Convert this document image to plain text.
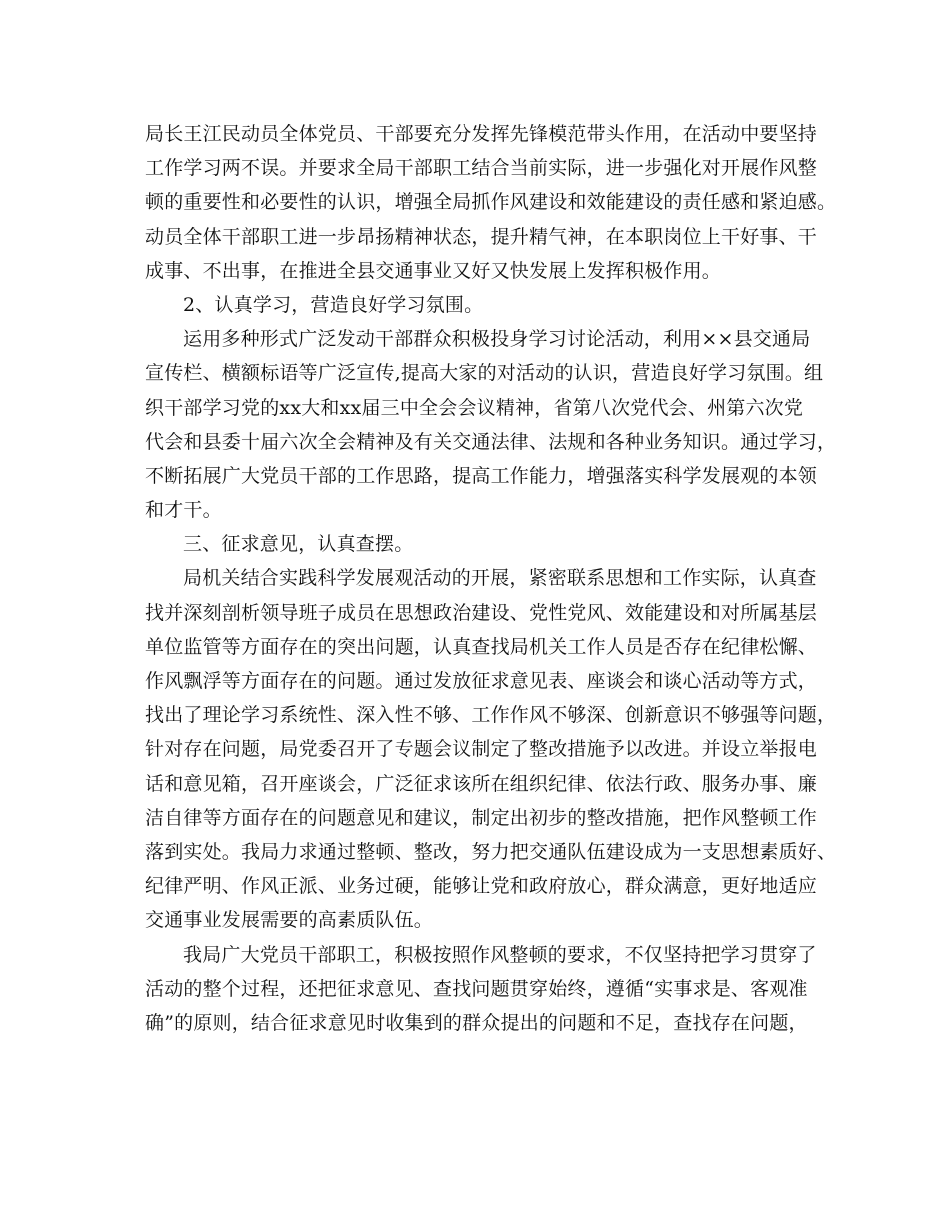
局长王江民动员全体党员、干部要充分发挥先锋模范带头作用，在活动中要坚持
工作学习两不误。并要求全局干部职工结合当前实际，进一步强化对开展作风整
顿的重要性和必要性的认识，增强全局抓作风建设和效能建设的责任感和紧迫感。
动员全体干部职工进一步昂扬精神状态，提升精气神，在本职岗位上干好事、干
成事、不出事，在推进全县交通事业又好又快发展上发挥积极作用。
2、认真学习，营造良好学习氛围。
运用多种形式广泛发动干部群众积极投身学习讨论活动，利用××县交通局
宣传栏、横额标语等广泛宣传,提高大家的对活动的认识，营造良好学习氛围。组
织干部学习党的xx大和xx届三中全会会议精神，省第八次党代会、州第六次党
代会和县委十届六次全会精神及有关交通法律、法规和各种业务知识。通过学习，
不断拓展广大党员干部的工作思路，提高工作能力，增强落实科学发展观的本领
和才干。
三、征求意见，认真查摆。
局机关结合实践科学发展观活动的开展，紧密联系思想和工作实际，认真查
找并深刻剖析领导班子成员在思想政治建设、党性党风、效能建设和对所属基层
单位监管等方面存在的突出问题，认真查找局机关工作人员是否存在纪律松懈、
作风飘浮等方面存在的问题。通过发放征求意见表、座谈会和谈心活动等方式，
找出了理论学习系统性、深入性不够、工作作风不够深、创新意识不够强等问题，
针对存在问题，局党委召开了专题会议制定了整改措施予以改进。并设立举报电
话和意见箱，召开座谈会，广泛征求该所在组织纪律、依法行政、服务办事、廉
洁自律等方面存在的问题意见和建议，制定出初步的整改措施，把作风整顿工作
落到实处。我局力求通过整顿、整改，努力把交通队伍建设成为一支思想素质好、
纪律严明、作风正派、业务过硬，能够让党和政府放心，群众满意，更好地适应
交通事业发展需要的高素质队伍。
我局广大党员干部职工，积极按照作风整顿的要求，不仅坚持把学习贯穿了
活动的整个过程，还把征求意见、查找问题贯穿始终，遵循“实事求是、客观准
确”的原则，结合征求意见时收集到的群众提出的问题和不足，查找存在问题，
